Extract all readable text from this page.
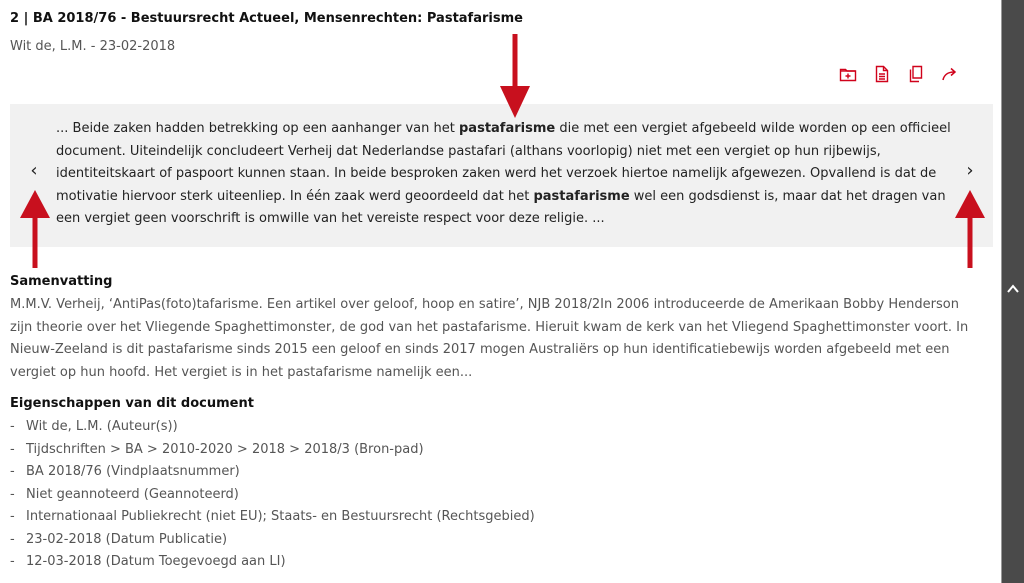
2 | BA 2018/76 - Bestuursrecht Actueel, Mensenrechten: Pastafarisme
Wit de, L.M. - 23-02-2018
... Beide zaken hadden betrekking op een aanhanger van het pastafarisme die met een vergiet afgebeeld wilde worden op een officieel document. Uiteindelijk concludeert Verheij dat Nederlandse pastafari (althans voorlopig) niet met een vergiet op hun rijbewijs, identiteitskaart of paspoort kunnen staan. In beide besproken zaken werd het verzoek hiertoe namelijk afgewezen. Opvallend is dat de motivatie hiervoor sterk uiteenliep. In één zaak werd geoordeeld dat het pastafarisme wel een godsdienst is, maar dat het dragen van een vergiet geen voorschrift is omwille van het vereiste respect voor deze religie. ...
‹	›
Samenvatting
M.M.V. Verheij, ‘AntiPas(foto)tafarisme. Een artikel over geloof, hoop en satire’, NJB 2018/2In 2006 introduceerde de Amerikaan Bobby Henderson zijn theorie over het Vliegende Spaghettimonster, de god van het pastafarisme. Hieruit kwam de kerk van het Vliegend Spaghettimonster voort. In Nieuw-Zeeland is dit pastafarisme sinds 2015 een geloof en sinds 2017 mogen Australiërs op hun identificatiebewijs worden afgebeeld met een vergiet op hun hoofd. Het vergiet is in het pastafarisme namelijk een...
Eigenschappen van dit document
- Wit de, L.M. (Auteur(s))
- Tijdschriften > BA > 2010-2020 > 2018 > 2018/3 (Bron-pad)
- BA 2018/76 (Vindplaatsnummer)
- Niet geannoteerd (Geannoteerd)
- Internationaal Publiekrecht (niet EU); Staats- en Bestuursrecht (Rechtsgebied)
- 23-02-2018 (Datum Publicatie)
- 12-03-2018 (Datum Toegevoegd aan LI)
